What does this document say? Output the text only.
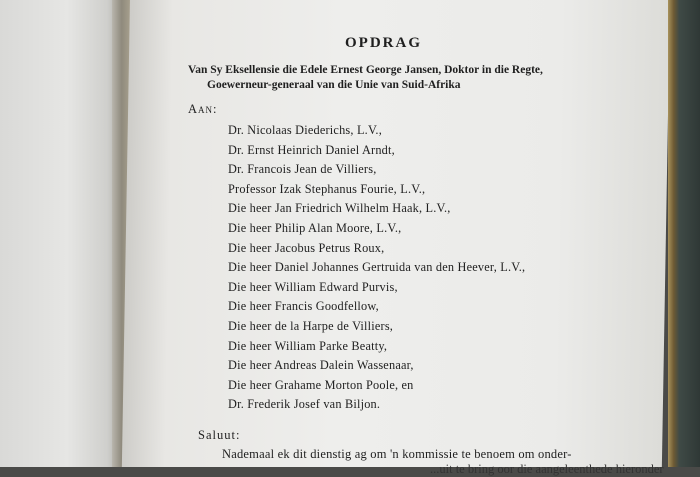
OPDRAG
Van Sy Eksellensie die Edele Ernest George Jansen, Doktor in die Regte,
Goewerneur-generaal van die Unie van Suid-Afrika
Aan:
Dr. Nicolaas Diederichs, L.V.,
Dr. Ernst Heinrich Daniel Arndt,
Dr. Francois Jean de Villiers,
Professor Izak Stephanus Fourie, L.V.,
Die heer Jan Friedrich Wilhelm Haak, L.V.,
Die heer Philip Alan Moore, L.V.,
Die heer Jacobus Petrus Roux,
Die heer Daniel Johannes Gertruida van den Heever, L.V.,
Die heer William Edward Purvis,
Die heer Francis Goodfellow,
Die heer de la Harpe de Villiers,
Die heer William Parke Beatty,
Die heer Andreas Dalein Wassenaar,
Die heer Grahame Morton Poole, en
Dr. Frederik Josef van Biljon.
Saluut:
Nademaal ek dit dienstig ag om 'n kommissie te benoem om onder-
...uit te bring oor die aangeleenthede hieronder
